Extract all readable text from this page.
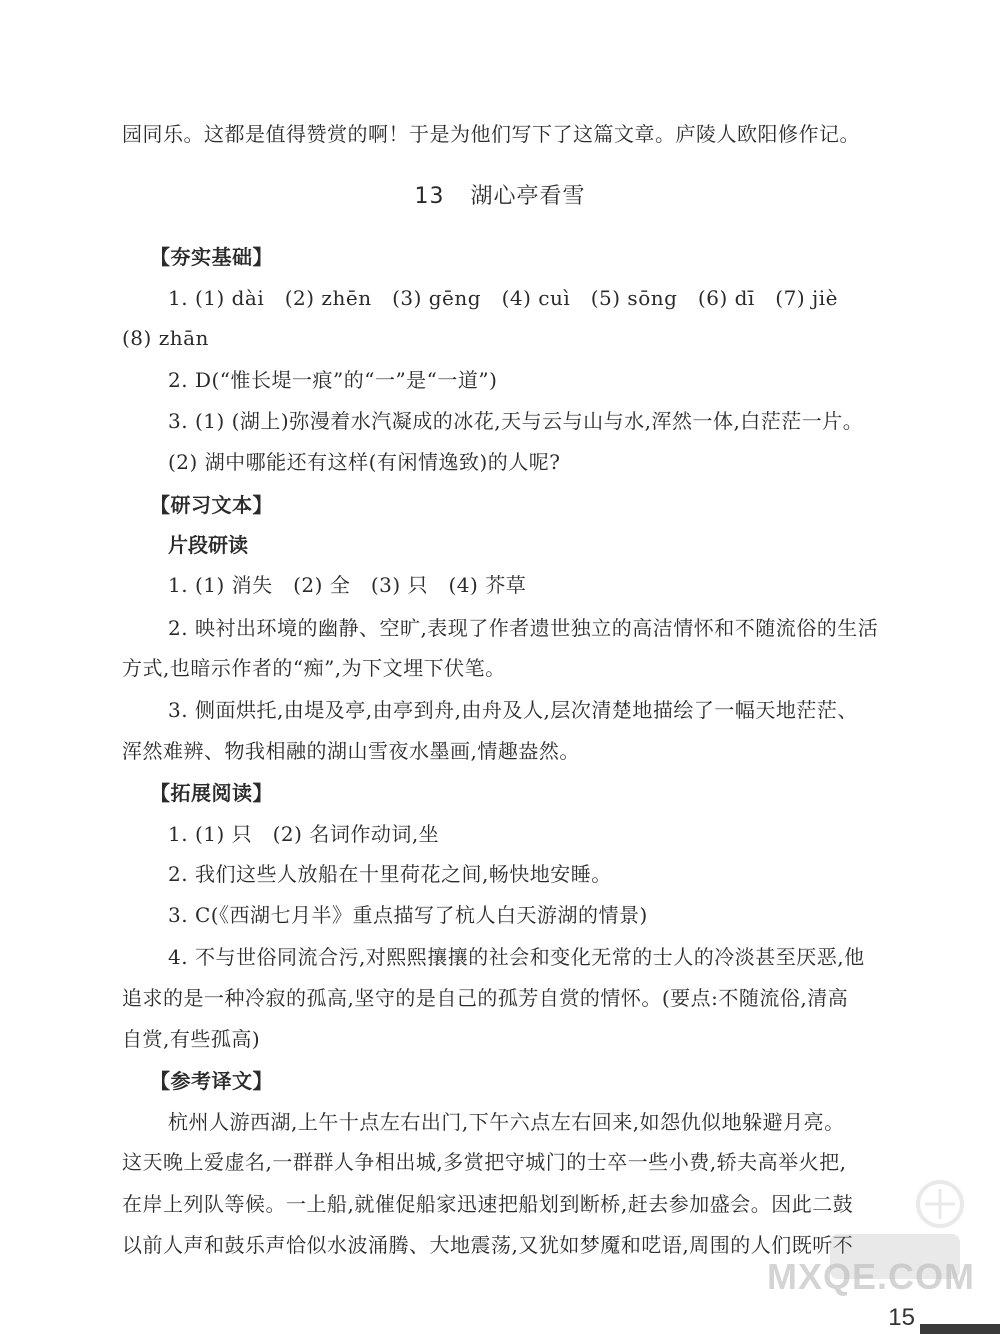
园同乐。这都是值得赞赏的啊！于是为他们写下了这篇文章。庐陵人欧阳修作记。
13 湖心亭看雪
【夯实基础】
1. (1) dài　(2) zhēn　(3) gēng　(4) cuì　(5) sōng　(6) dī　(7) jiè
(8) zhān
2. D(“惟长堤一痕”的“一”是“一道”)
3. (1) (湖上)弥漫着水汽凝成的冰花,天与云与山与水,浑然一体,白茫茫一片。
(2) 湖中哪能还有这样(有闲情逸致)的人呢?
【研习文本】
片段研读
1. (1) 消失　(2) 全　(3) 只　(4) 芥草
2. 映衬出环境的幽静、空旷,表现了作者遗世独立的高洁情怀和不随流俗的生活
方式,也暗示作者的“痴”,为下文埋下伏笔。
3. 侧面烘托,由堤及亭,由亭到舟,由舟及人,层次清楚地描绘了一幅天地茫茫、
浑然难辨、物我相融的湖山雪夜水墨画,情趣盎然。
【拓展阅读】
1. (1) 只　(2) 名词作动词,坐
2. 我们这些人放船在十里荷花之间,畅快地安睡。
3. C(《西湖七月半》重点描写了杭人白天游湖的情景)
4. 不与世俗同流合污,对熙熙攘攘的社会和变化无常的士人的冷淡甚至厌恶,他
追求的是一种冷寂的孤高,坚守的是自己的孤芳自赏的情怀。(要点:不随流俗,清高
自赏,有些孤高)
【参考译文】
杭州人游西湖,上午十点左右出门,下午六点左右回来,如怨仇似地躲避月亮。
这天晚上爱虚名,一群群人争相出城,多赏把守城门的士卒一些小费,轿夫高举火把,
在岸上列队等候。一上船,就催促船家迅速把船划到断桥,赶去参加盛会。因此二鼓
以前人声和鼓乐声恰似水波涌腾、大地震荡,又犹如梦魇和呓语,周围的人们既听不
MXQE.COM
15
